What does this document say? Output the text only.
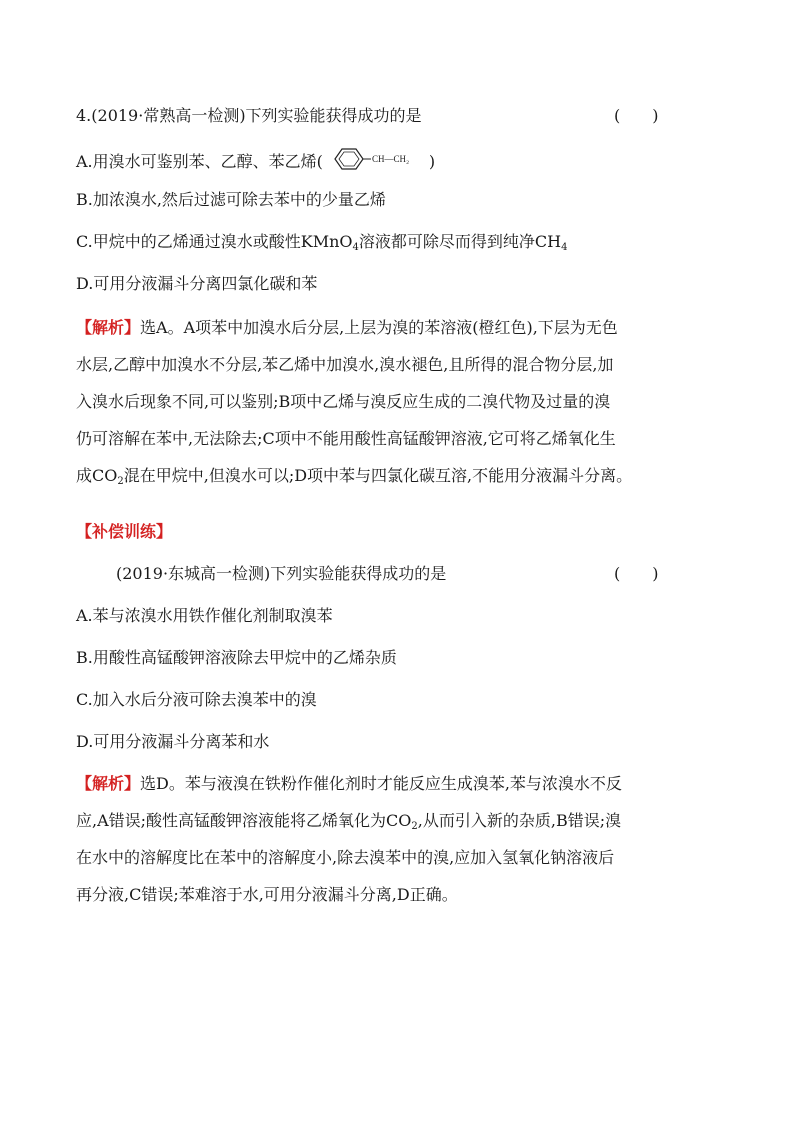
4.(2019·常熟高一检测)下列实验能获得成功的是	(　　)
A.用溴水可鉴别苯、乙醇、苯乙烯(	CH—CH₂ )
B.加浓溴水,然后过滤可除去苯中的少量乙烯
C.甲烷中的乙烯通过溴水或酸性KMnO$_4$溶液都可除尽而得到纯净$CH_4$
D.可用分液漏斗分离四氯化碳和苯
【解析】选A。A项苯中加溴水后分层,上层为溴的苯溶液(橙红色),下层为无色
水层,乙醇中加溴水不分层,苯乙烯中加溴水,溴水褪色,且所得的混合物分层,加
入溴水后现象不同,可以鉴别;B项中乙烯与溴反应生成的二溴代物及过量的溴
仍可溶解在苯中,无法除去;C项中不能用酸性高锰酸钾溶液,它可将乙烯氧化生
成$CO_2$混在甲烷中,但溴水可以;D项中苯与四氯化碳互溶,不能用分液漏斗分离。
【补偿训练】
(2019·东城高一检测)下列实验能获得成功的是	(　　)
A.苯与浓溴水用铁作催化剂制取溴苯
B.用酸性高锰酸钾溶液除去甲烷中的乙烯杂质
C.加入水后分液可除去溴苯中的溴
D.可用分液漏斗分离苯和水
【解析】选D。苯与液溴在铁粉作催化剂时才能反应生成溴苯,苯与浓溴水不反
应,A错误;酸性高锰酸钾溶液能将乙烯氧化为$CO_2$,从而引入新的杂质,B错误;溴
在水中的溶解度比在苯中的溶解度小,除去溴苯中的溴,应加入氢氧化钠溶液后
再分液,C错误;苯难溶于水,可用分液漏斗分离,D正确。
